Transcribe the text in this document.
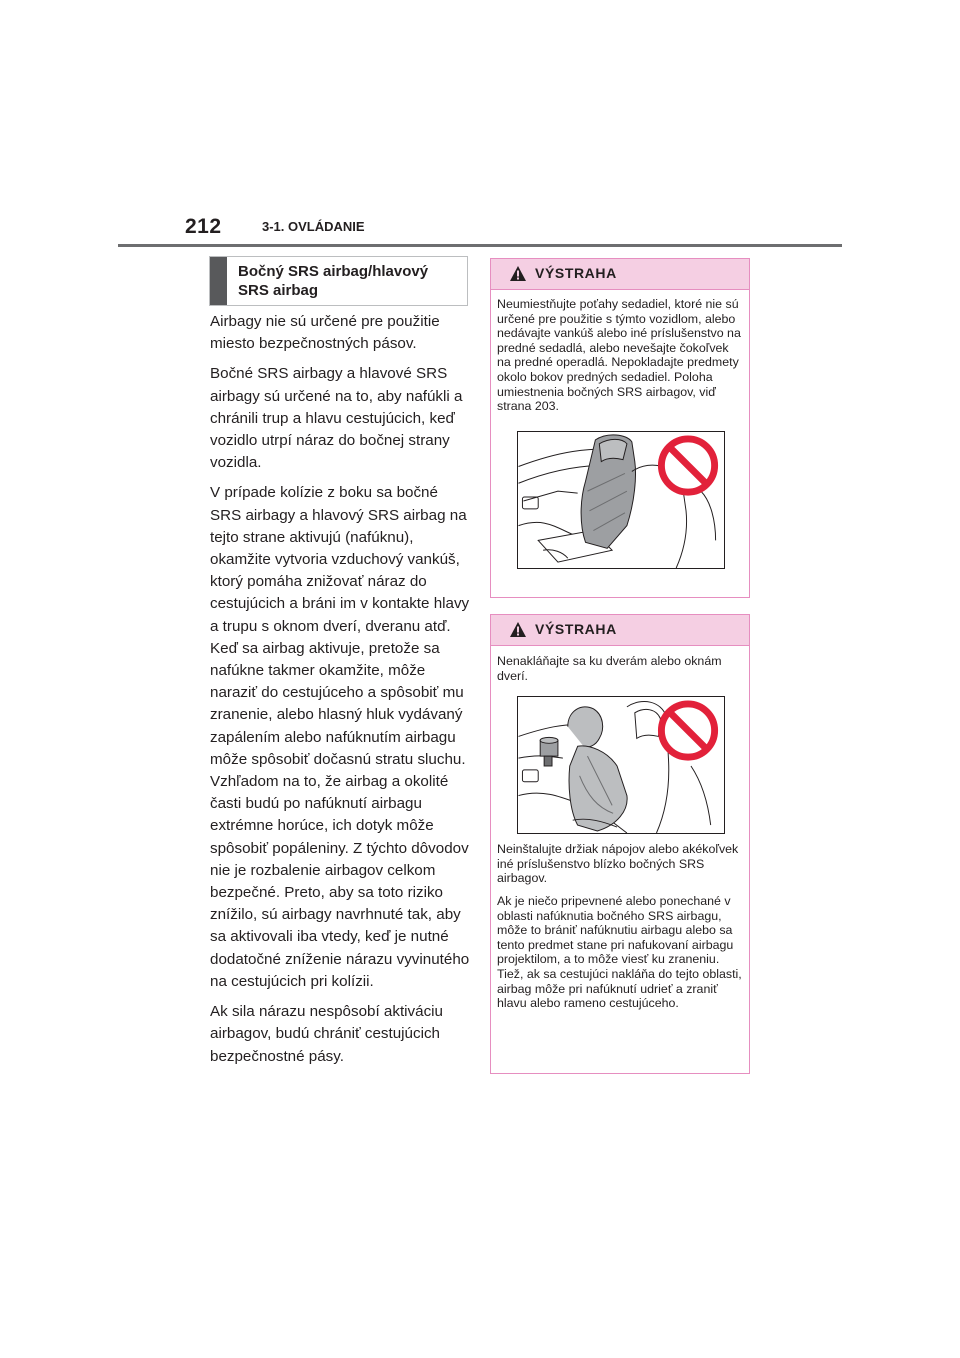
212	3-1. OVLÁDANIE
Bočný SRS airbag/hlavový SRS airbag

Airbagy nie sú určené pre použitie miesto bezpečnostných pásov.

Bočné SRS airbagy a hlavové SRS airbagy sú určené na to, aby nafúkli a chránili trup a hlavu cestujúcich, keď vozidlo utrpí náraz do bočnej strany vozidla.

V prípade kolízie z boku sa bočné SRS airbagy a hlavový SRS airbag na tejto strane aktivujú (nafúknu), okamžite vytvoria vzduchový vankúš, ktorý pomáha znižovať náraz do cestujúcich a bráni im v kontakte hlavy a trupu s oknom dverí, dveranu atď. Keď sa airbag aktivuje, pretože sa nafúkne takmer okamžite, môže naraziť do cestujúceho a spôsobiť mu zranenie, alebo hlasný hluk vydávaný zapálením alebo nafúknutím airbagu môže spôsobiť dočasnú stratu sluchu. Vzhľadom na to, že airbag a okolité časti budú po nafúknutí airbagu extrémne horúce, ich dotyk môže spôsobiť popáleniny. Z týchto dôvodov nie je rozbalenie airbagov celkom bezpečné. Preto, aby sa toto riziko znížilo, sú airbagy navrhnuté tak, aby sa aktivovali iba vtedy, keď je nutné dodatočné zníženie nárazu vyvinutého na cestujúcich pri kolízii.

Ak sila nárazu nespôsobí aktiváciu airbagov, budú chrániť cestujúcich bezpečnostné pásy.

VÝSTRAHA

Neumiestňujte poťahy sedadiel, ktoré nie sú určené pre použitie s týmto vozidlom, alebo nedávajte vankúš alebo iné príslušenstvo na predné sedadlá, alebo nevešajte čokoľvek na predné operadlá. Nepokladajte predmety okolo bokov predných sedadiel. Poloha umiestnenia bočných SRS airbagov, viď strana 203.

VÝSTRAHA

Nenakláňajte sa ku dverám alebo oknám dverí.

Neinštalujte držiak nápojov alebo akékoľvek iné príslušenstvo blízko bočných SRS airbagov.

Ak je niečo pripevnené alebo ponechané v oblasti nafúknutia bočného SRS airbagu, môže to brániť nafúknutiu airbagu alebo sa tento predmet stane pri nafukovaní airbagu projektilom, a to môže viesť ku zraneniu. Tiež, ak sa cestujúci nakláňa do tejto oblasti, airbag môže pri nafúknutí udrieť a zraniť hlavu alebo rameno cestujúceho.
